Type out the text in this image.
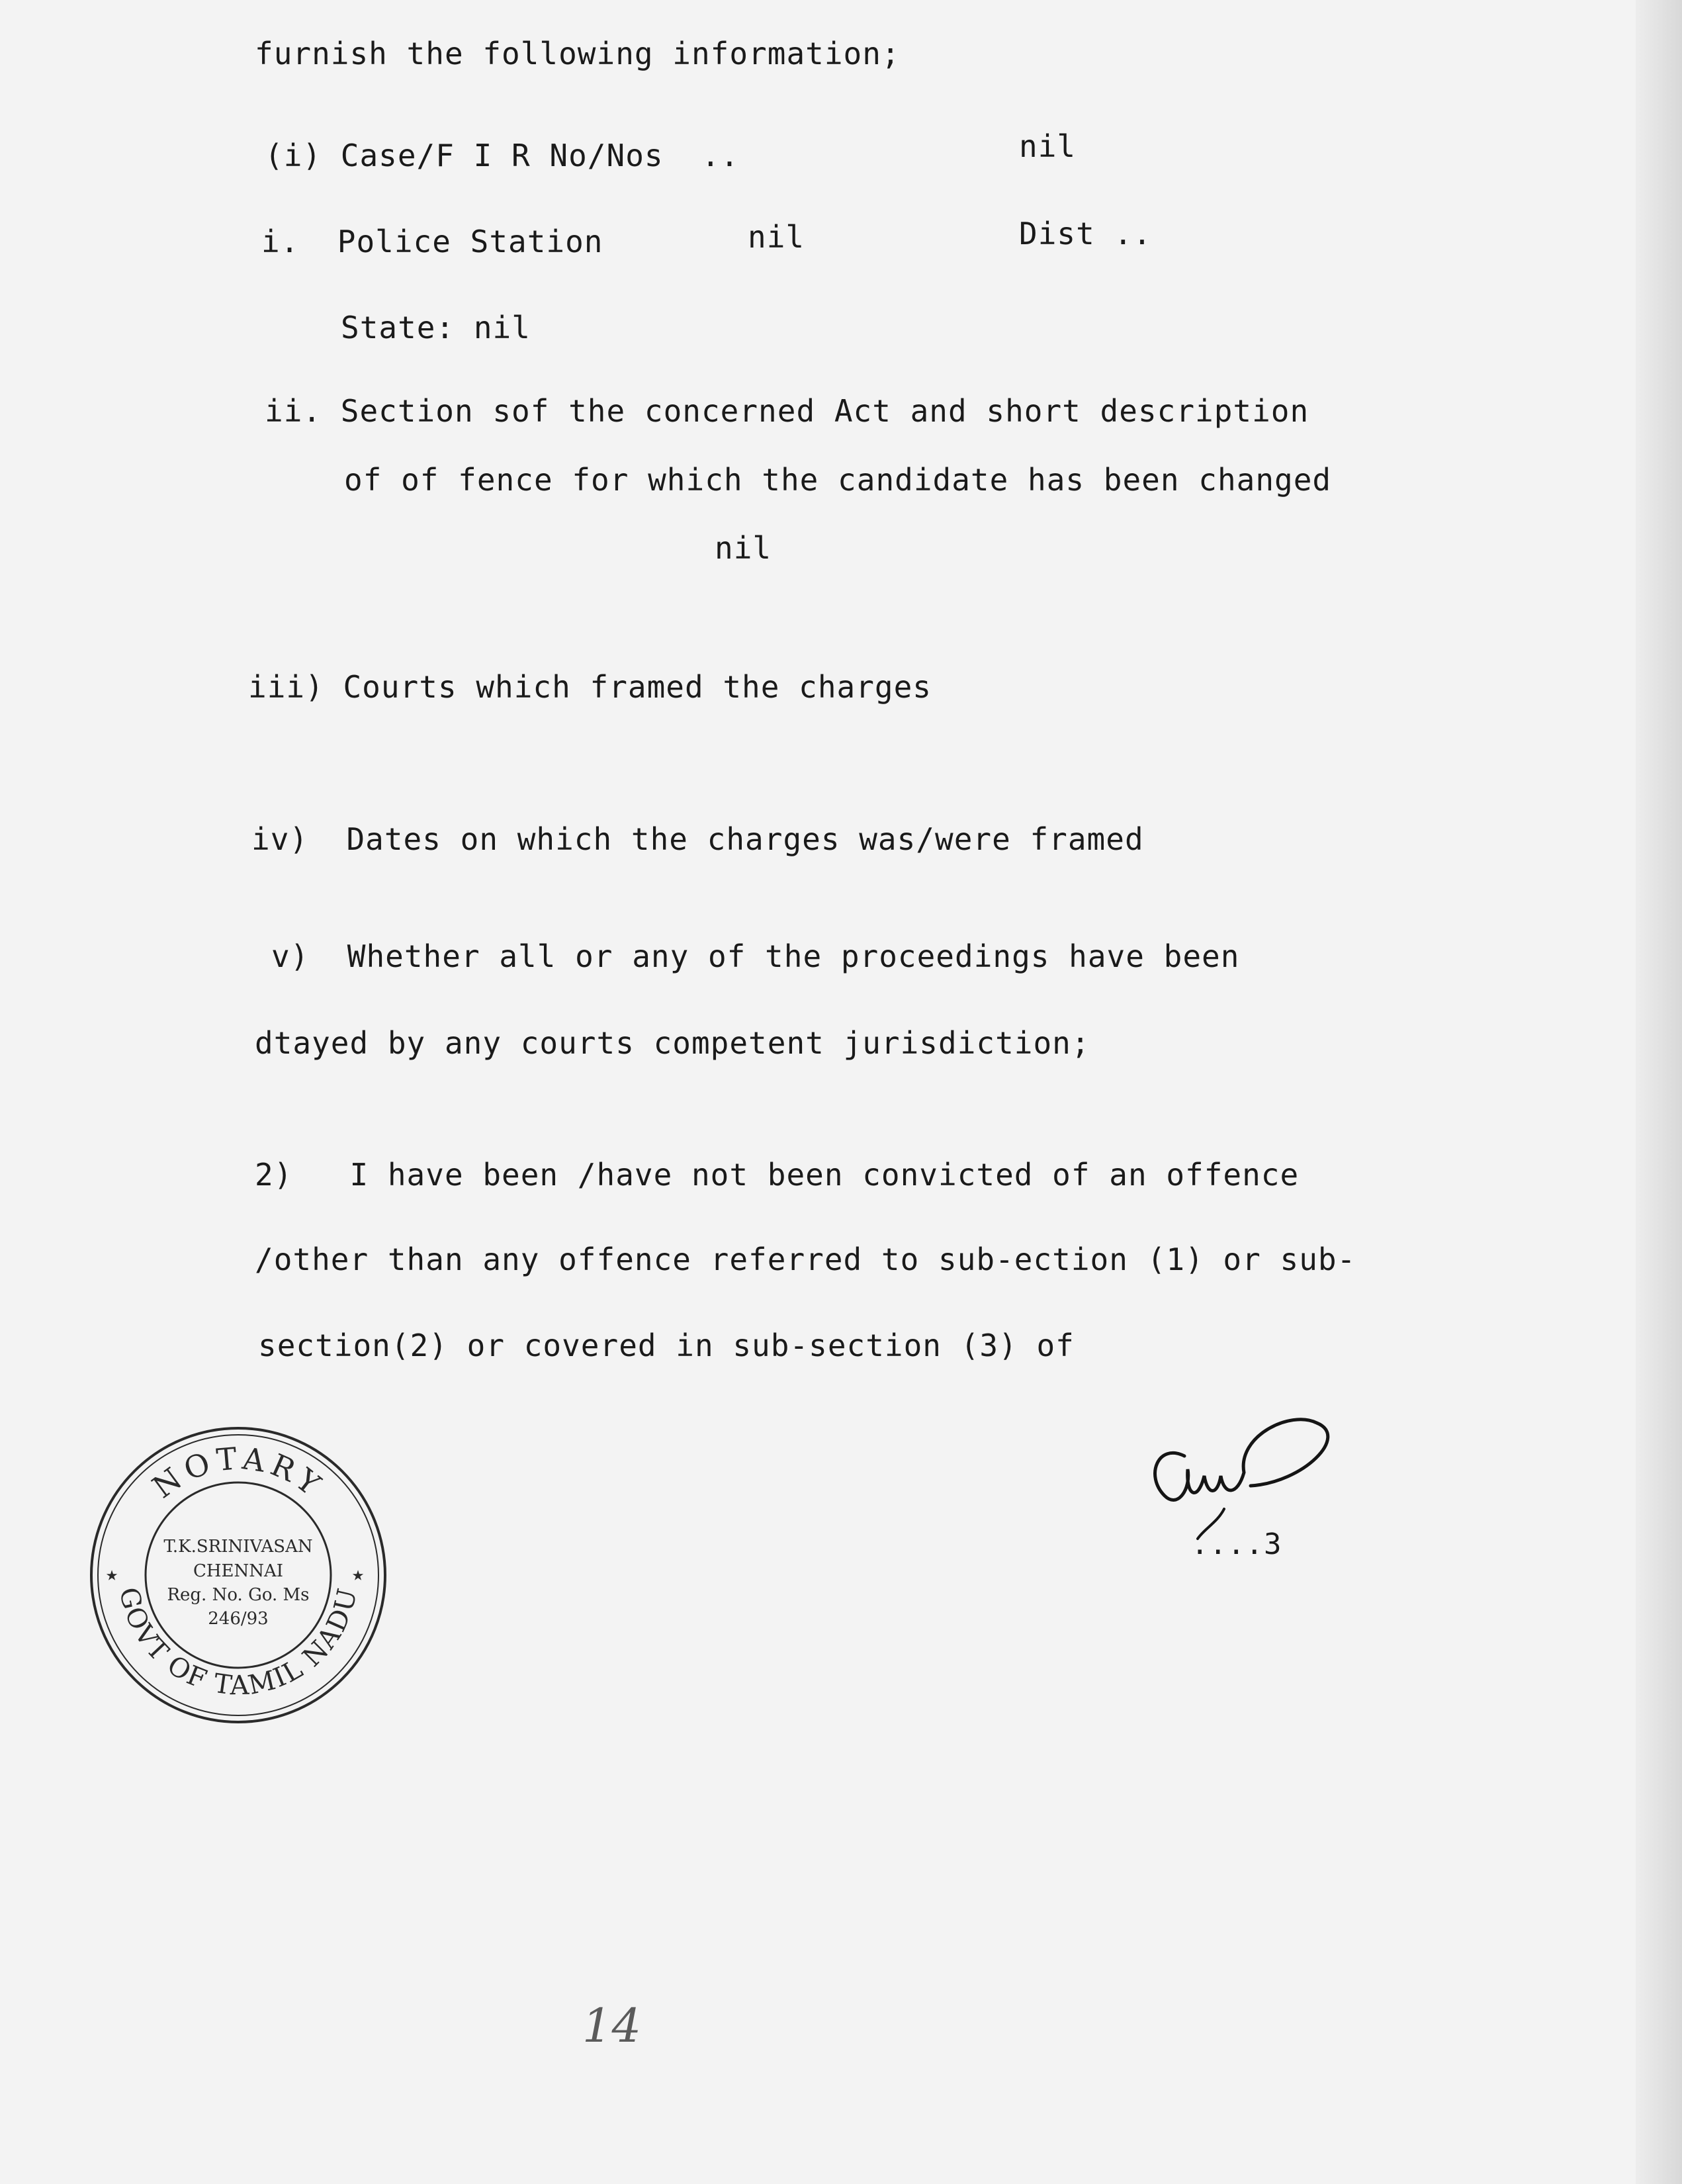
furnish the following information;
(i) Case/F I R No/Nos  ..	nil
i.  Police Station	nil	Dist ..
State: nil
ii. Section sof the concerned Act and short description
of of fence for which the candidate has been changed
nil
iii) Courts which framed the charges
iv)  Dates on which the charges was/were framed
v)  Whether all or any of the proceedings have been
dtayed by any courts competent jurisdiction;
2)   I have been /have not been convicted of an offence
/other than any offence referred to sub-ection (1) or sub-
section(2) or covered in sub-section (3) of
NOTARY
GOVT OF TAMIL NADU
★	★
T.K.SRINIVASAN
CHENNAI
Reg. No. Go. Ms
246/93
....3
14
